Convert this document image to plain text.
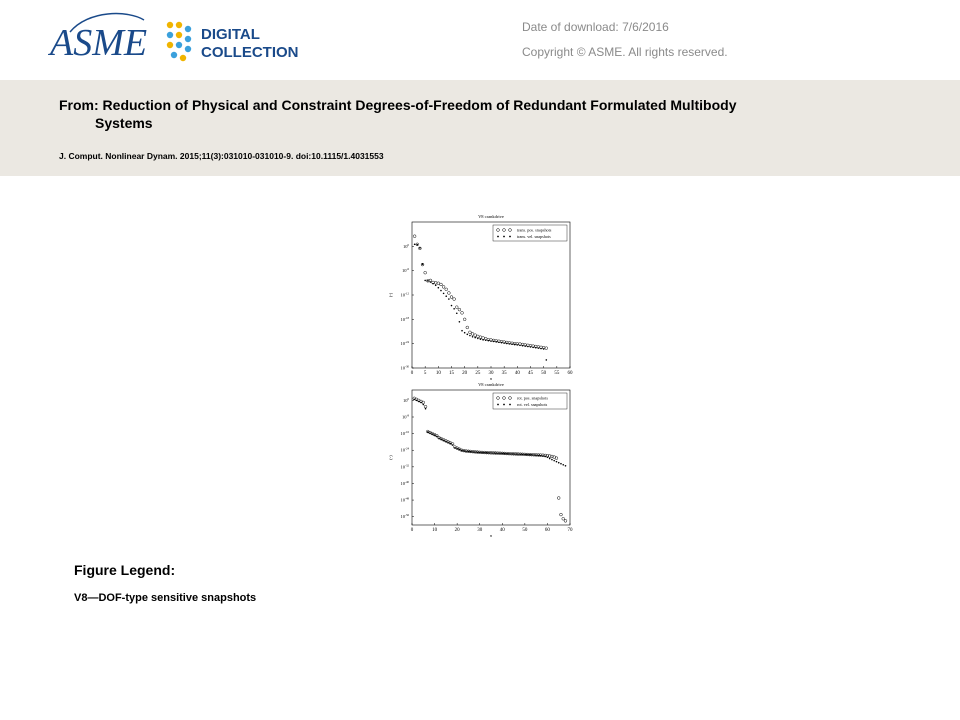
ASME	DIGITAL
COLLECTION
Date of download: 7/6/2016
Copyright © ASME. All rights reserved.
From: Reduction of Physical and Constraint Degrees-of-Freedom of Redundant Formulated Multibody
Systems
J. Comput. Nonlinear Dynam. 2015;11(3):031010-031010-9. doi:10.1115/1.4031553
V8 crankdrive
0 5 10 15 20 25 30 35 40 45 50 55 60
n
$10^0$
$10^{-6}$
$10^{-12}$
$10^{-18}$
$10^{-24}$
$10^{-30}$
(-)
trans. pos. snapshots
trans. vel. snapshots
V8 crankdrive
0	10	20	30	40	50	60	70
n
$10^0$
$10^{-8}$
$10^{-16}$
$10^{-24}$
$10^{-32}$
$10^{-40}$
$10^{-48}$
$10^{-56}$
(-)
rot. pos. snapshots
rot. vel. snapshots
Figure Legend:
V8—DOF-type sensitive snapshots
